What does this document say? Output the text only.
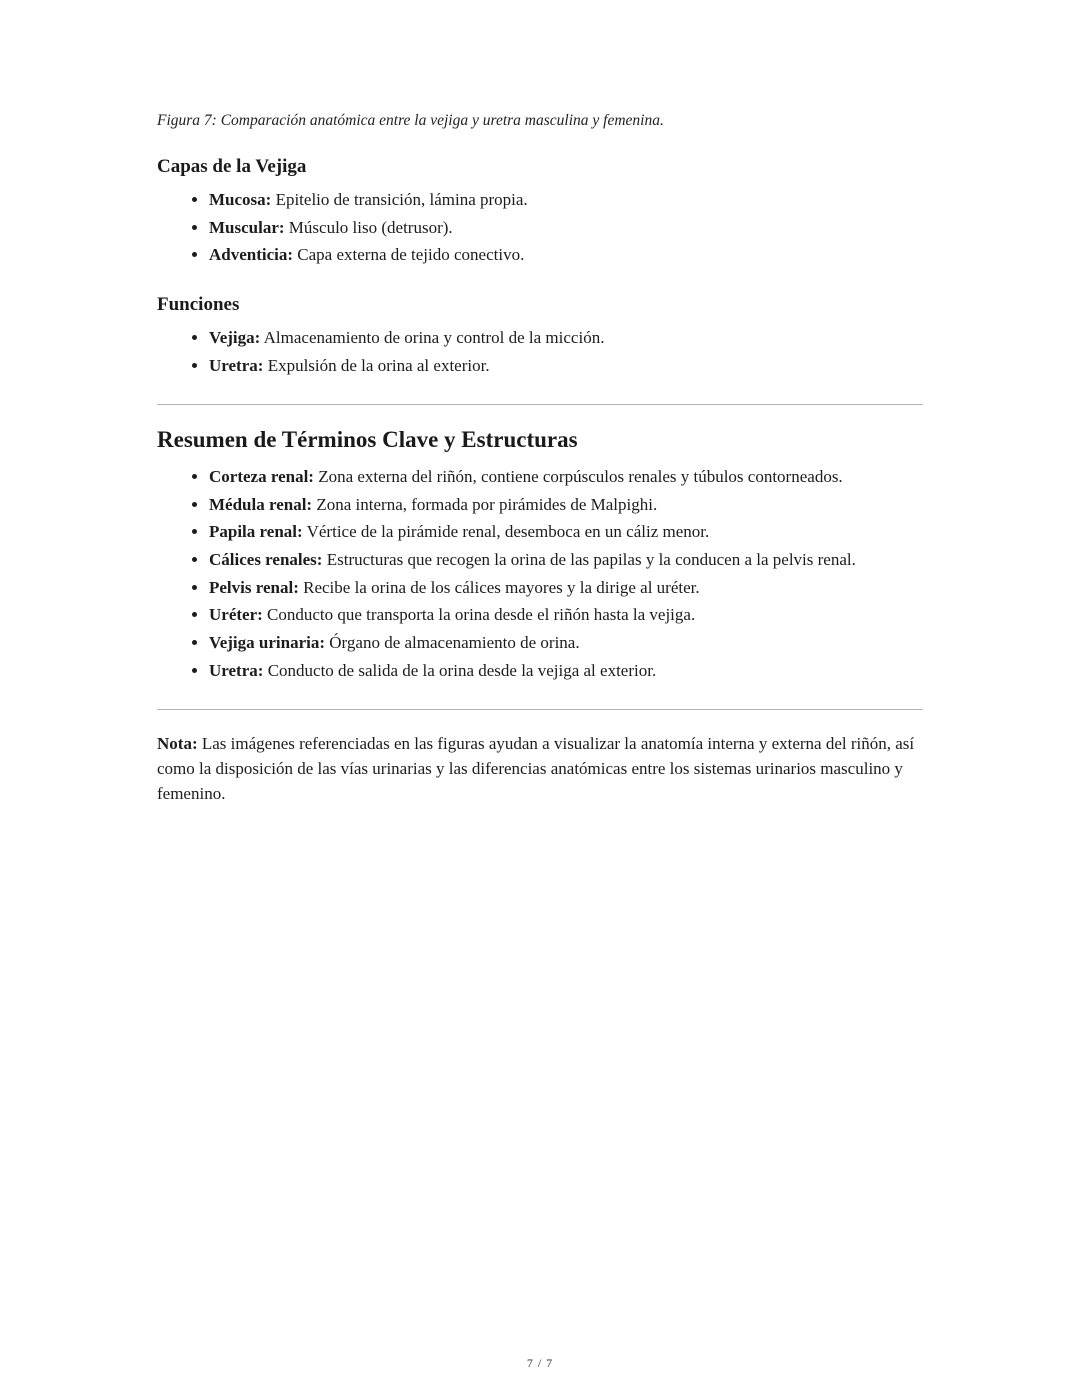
Figura 7: Comparación anatómica entre la vejiga y uretra masculina y femenina.

Capas de la Vejiga
• Mucosa: Epitelio de transición, lámina propia.
• Muscular: Músculo liso (detrusor).
• Adventicia: Capa externa de tejido conectivo.
Funciones
• Vejiga: Almacenamiento de orina y control de la micción.
• Uretra: Expulsión de la orina al exterior.
Resumen de Términos Clave y Estructuras
• Corteza renal: Zona externa del riñón, contiene corpúsculos renales y túbulos contorneados.
• Médula renal: Zona interna, formada por pirámides de Malpighi.
• Papila renal: Vértice de la pirámide renal, desemboca en un cáliz menor.
• Cálices renales: Estructuras que recogen la orina de las papilas y la conducen a la pelvis renal.
• Pelvis renal: Recibe la orina de los cálices mayores y la dirige al uréter.
• Uréter: Conducto que transporta la orina desde el riñón hasta la vejiga.
• Vejiga urinaria: Órgano de almacenamiento de orina.
• Uretra: Conducto de salida de la orina desde la vejiga al exterior.

Nota: Las imágenes referenciadas en las figuras ayudan a visualizar la anatomía interna y externa del riñón, así como la disposición de las vías urinarias y las diferencias anatómicas entre los sistemas urinarios masculino y femenino.

7 / 7
